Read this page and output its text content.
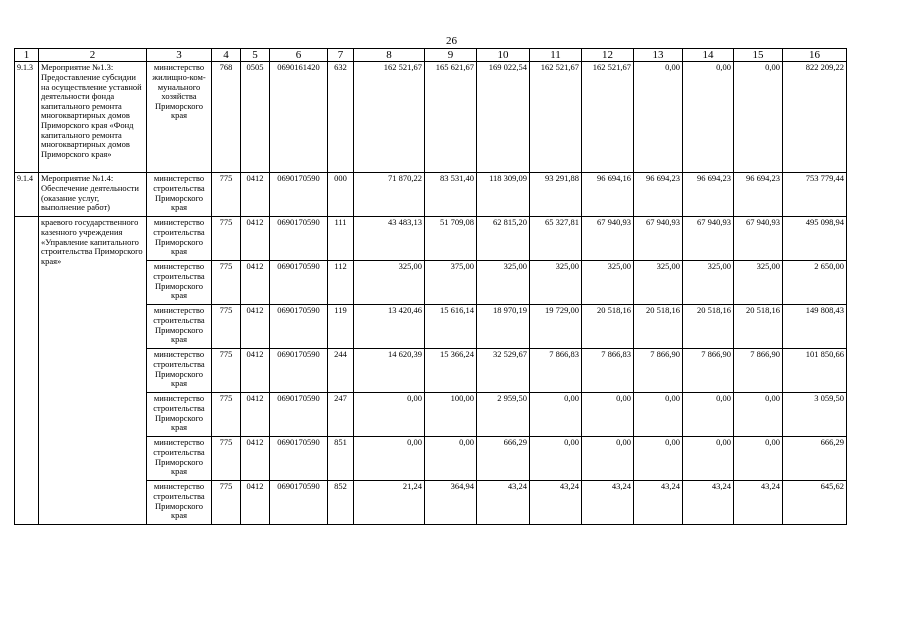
26
1	2	3	4	5	6	7	8	9	10	11	12	13	14	15	16
9.1.3	Мероприятие №1.3: Предоставление субсидии на осуществление уставной деятельности фонда капитального ремонта многоквартирных домов Приморского края «Фонд капитального ремонта многоквартирных домов Приморского края»	министерство жилищно-ком-мунального хозяйства Приморского края	768	0505	0690161420	632	162 521,67	165 621,67	169 022,54	162 521,67	162 521,67	0,00	0,00	0,00	822 209,22
9.1.4	Мероприятие №1.4: Обеспечение деятельности (оказание услуг, выполнение работ)	министерство строительства Приморского края	775	0412	0690170590	000	71 870,22	83 531,40	118 309,09	93 291,88	96 694,16	96 694,23	96 694,23	96 694,23	753 779,44
	краевого государственного казенного учреждения «Управление капитального строительства Приморского края»	министерство строительства Приморского края	775	0412	0690170590	111	43 483,13	51 709,08	62 815,20	65 327,81	67 940,93	67 940,93	67 940,93	67 940,93	495 098,94
		министерство строительства Приморского края	775	0412	0690170590	112	325,00	375,00	325,00	325,00	325,00	325,00	325,00	325,00	2 650,00
		министерство строительства Приморского края	775	0412	0690170590	119	13 420,46	15 616,14	18 970,19	19 729,00	20 518,16	20 518,16	20 518,16	20 518,16	149 808,43
		министерство строительства Приморского края	775	0412	0690170590	244	14 620,39	15 366,24	32 529,67	7 866,83	7 866,83	7 866,90	7 866,90	7 866,90	101 850,66
		министерство строительства Приморского края	775	0412	0690170590	247	0,00	100,00	2 959,50	0,00	0,00	0,00	0,00	0,00	3 059,50
		министерство строительства Приморского края	775	0412	0690170590	851	0,00	0,00	666,29	0,00	0,00	0,00	0,00	0,00	666,29
		министерство строительства Приморского края	775	0412	0690170590	852	21,24	364,94	43,24	43,24	43,24	43,24	43,24	43,24	645,62
